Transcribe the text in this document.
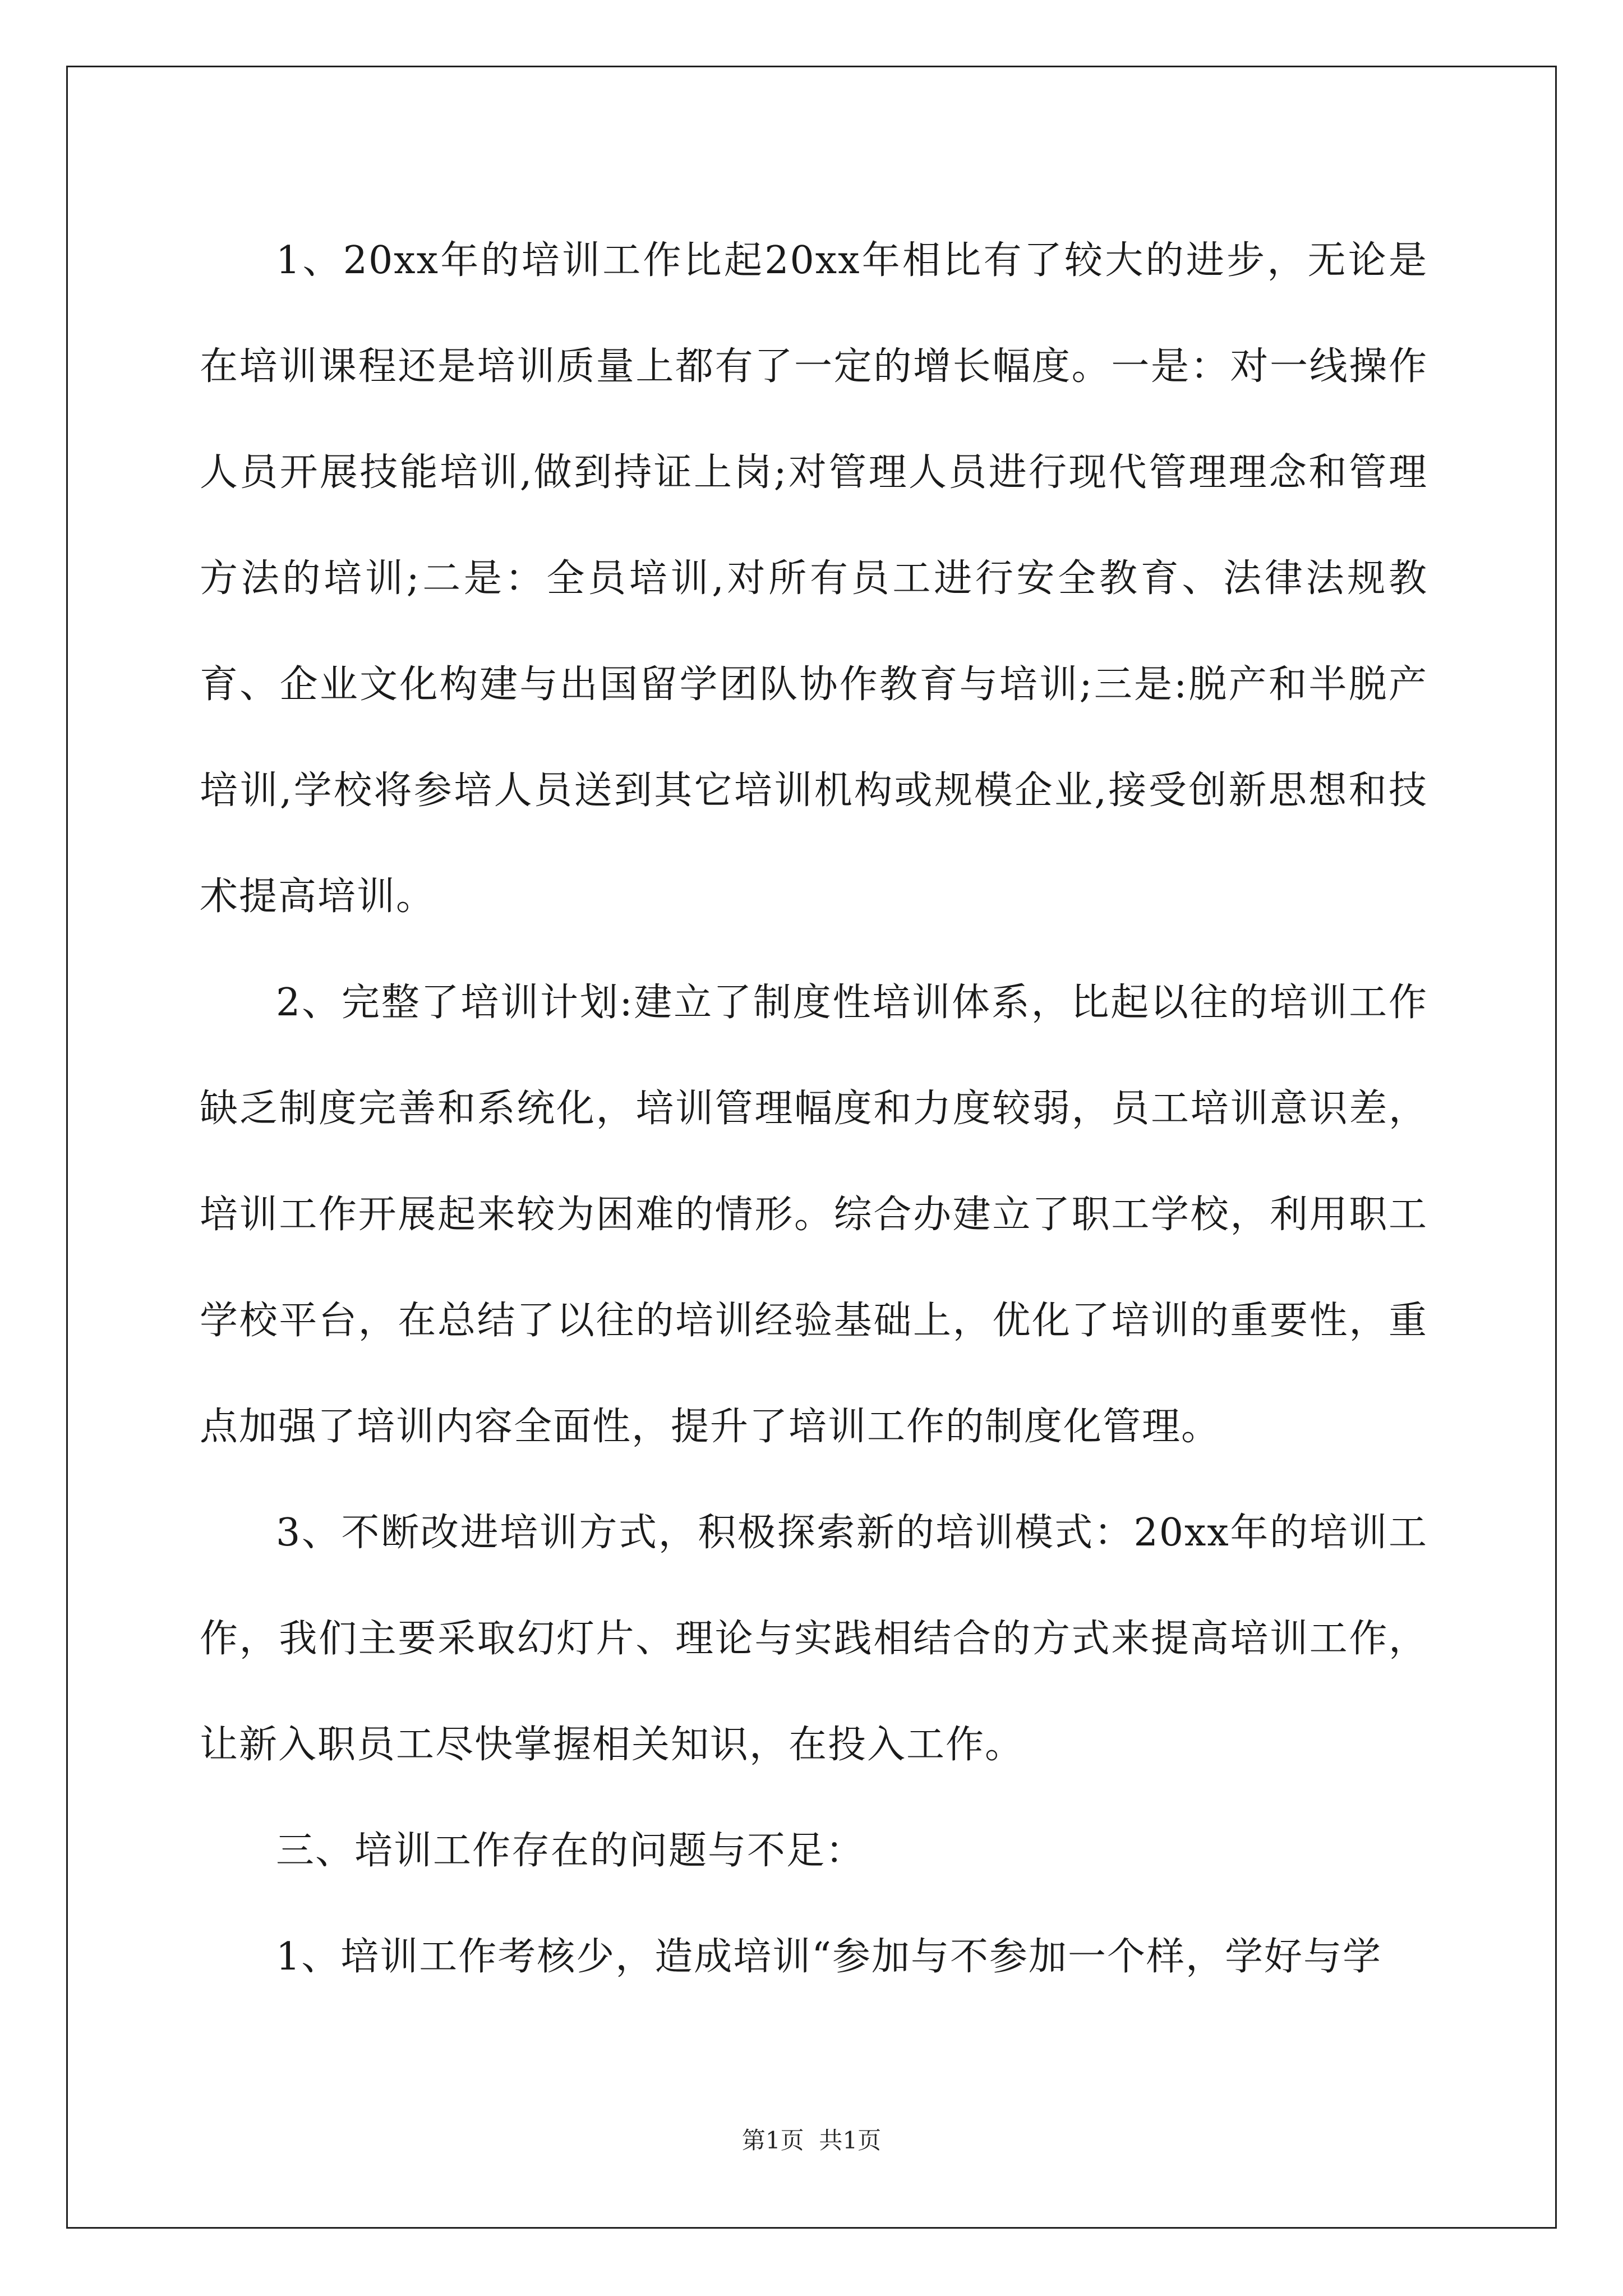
1、20xx年的培训工作比起20xx年相比有了较大的进步，无论是在培训课程还是培训质量上都有了一定的增长幅度。一是：对一线操作人员开展技能培训,做到持证上岗;对管理人员进行现代管理理念和管理方法的培训;二是：全员培训,对所有员工进行安全教育、法律法规教育、企业文化构建与出国留学团队协作教育与培训;三是:脱产和半脱产培训,学校将参培人员送到其它培训机构或规模企业,接受创新思想和技术提高培训。

2、完整了培训计划:建立了制度性培训体系，比起以往的培训工作缺乏制度完善和系统化，培训管理幅度和力度较弱，员工培训意识差，培训工作开展起来较为困难的情形。综合办建立了职工学校，利用职工学校平台，在总结了以往的培训经验基础上，优化了培训的重要性，重点加强了培训内容全面性，提升了培训工作的制度化管理。

3、不断改进培训方式，积极探索新的培训模式：20xx年的培训工作，我们主要采取幻灯片、理论与实践相结合的方式来提高培训工作，让新入职员工尽快掌握相关知识，在投入工作。

三、培训工作存在的问题与不足：

1、培训工作考核少，造成培训“参加与不参加一个样，学好与学

第1页  共1页
